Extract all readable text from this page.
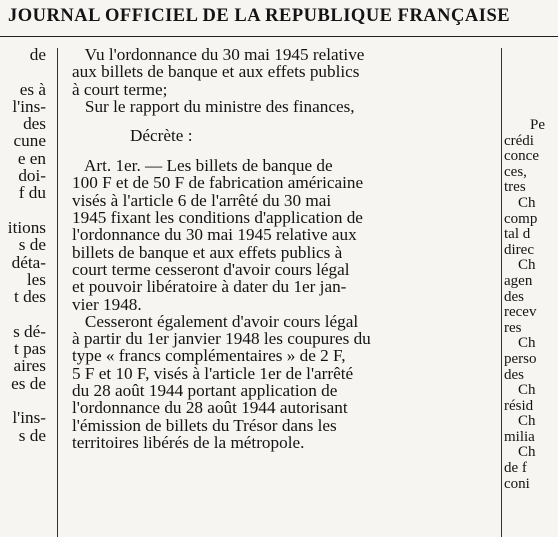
JOURNAL OFFICIEL DE LA REPUBLIQUE FRANÇAISE
de
es à
l'ins-
des
cune
e en
doi-
f du
itions
s de
déta-
les
t des
s dé-
t pas
aires
es de
l'ins-
s de
Vu l'ordonnance du 30 mai 1945 relative
aux billets de banque et aux effets publics
à court terme;
Sur le rapport du ministre des finances,
Décrète :
Art. 1er. — Les billets de banque de
100 F et de 50 F de fabrication américaine
visés à l'article 6 de l'arrêté du 30 mai
1945 fixant les conditions d'application de
l'ordonnance du 30 mai 1945 relative aux
billets de banque et aux effets publics à
court terme cesseront d'avoir cours légal
et pouvoir libératoire à dater du 1er jan-
vier 1948.
Cesseront également d'avoir cours légal
à partir du 1er janvier 1948 les coupures du
type « francs complémentaires » de 2 F,
5 F et 10 F, visés à l'article 1er de l'arrêté
du 28 août 1944 portant application de
l'ordonnance du 28 août 1944 autorisant
l'émission de billets du Trésor dans les
territoires libérés de la métropole.
Pe
crédi
conce
ces,
tres
Ch
comp
tal d
direc
Ch
agen
des
recev
res
Ch
perso
des
Ch
résid
Ch
milia
Ch
de f
coni
